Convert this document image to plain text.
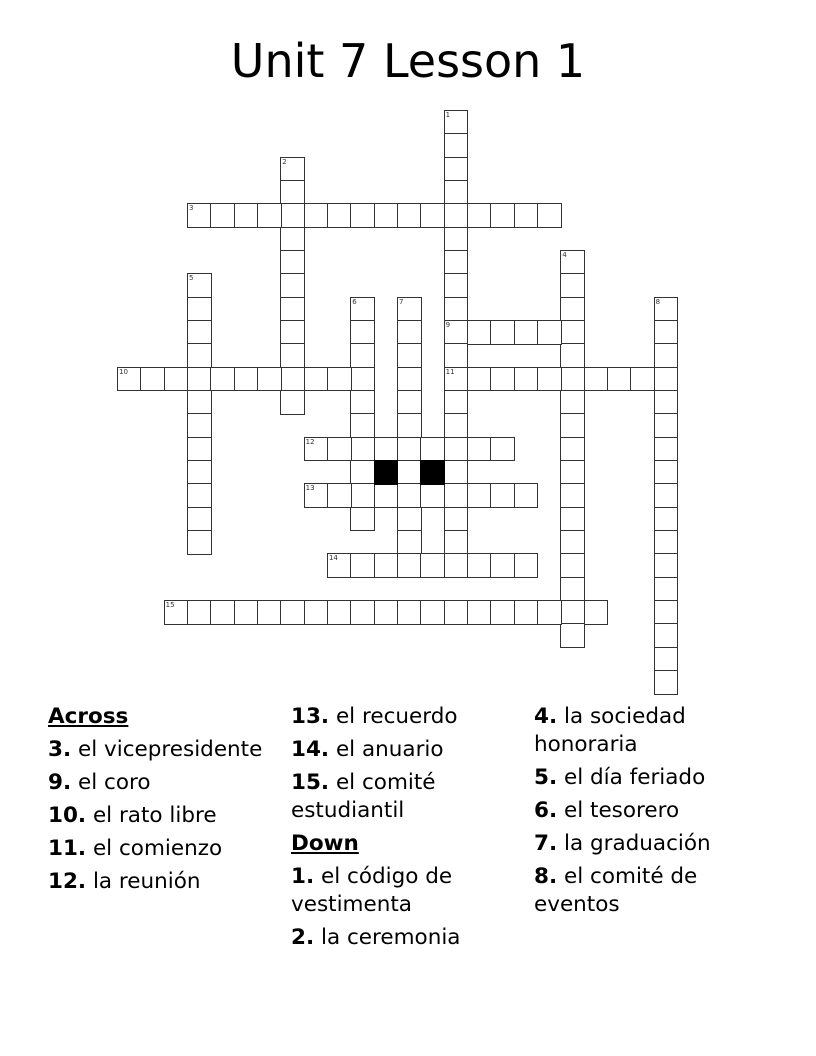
Unit 7 Lesson 1
1
9
11
2
3
4
5
6	7	8
10
12
13
14
15
Across
3. el vicepresidente
9. el coro
10. el rato libre
11. el comienzo
12. la reunión
13. el recuerdo
14. el anuario
15. el comité estudiantil
Down
1. el código de vestimenta
2. la ceremonia
4. la sociedad honoraria
5. el día feriado
6. el tesorero
7. la graduación
8. el comité de eventos
